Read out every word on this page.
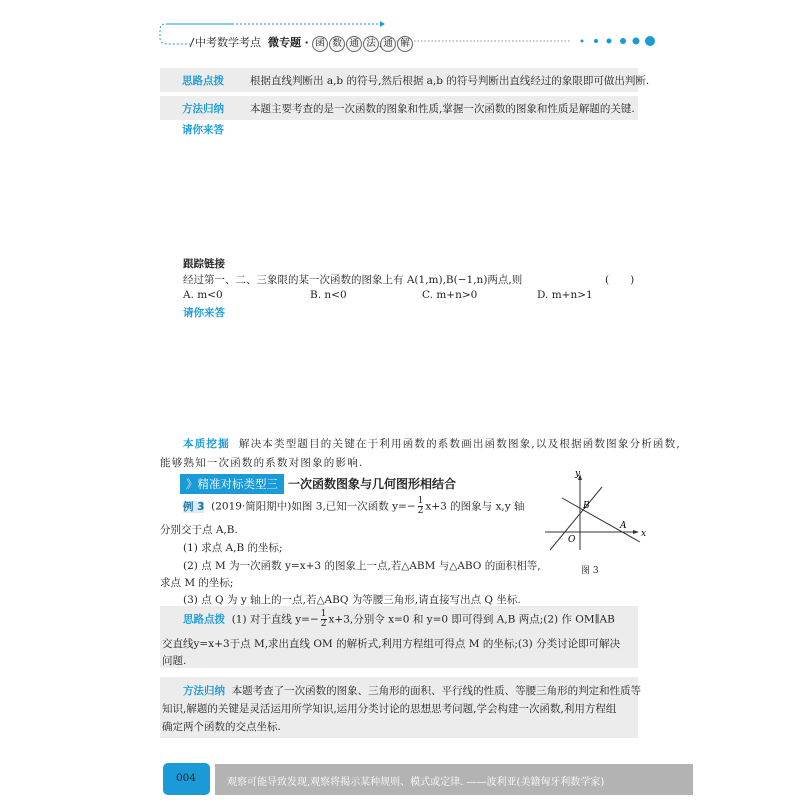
中考数学考点 微专题 · 函 数 通 法 通 解
思路点拨 根据直线判断出 a,b 的符号,然后根据 a,b 的符号判断出直线经过的象限即可做出判断.
方法归纳 本题主要考查的是一次函数的图象和性质,掌握一次函数的图象和性质是解题的关键.
请你来答
跟踪链接
经过第一、二、三象限的某一次函数的图象上有 A(1,m),B(−1,n)两点,则	(　　)
A. m<0	B. n<0	C. m+n>0	D. m+n>1
请你来答
本质挖掘 解决本类型题目的关键在于利用函数的系数画出函数图象,以及根据函数图象分析函数,
能够熟知一次函数的系数对图象的影响.
》精准对标类型三 一次函数图象与几何图形相结合
例 3 (2019·简阳期中)如图 3,已知一次函数 $y=- \frac{1}{2} x+3$ 的图象与 x,y 轴
分别交于点 A,B.
(1) 求点 A,B 的坐标;
(2) 点 M 为一次函数 y=x+3 的图象上一点,若△ABM 与△ABO 的面积相等,
求点 M 的坐标;
(3) 点 Q 为 y 轴上的一点,若△ABQ 为等腰三角形,请直接写出点 Q 坐标.
y
x
B
A
O
图 3
思路点拨 (1) 对于直线 $y=- \frac{1}{2} x+3$,分别令 x=0 和 y=0 即可得到 A,B 两点;(2) 作 OM∥AB
交直线y=x+3于点 M,求出直线 OM 的解析式,利用方程组可得点 M 的坐标;(3) 分类讨论即可解决
问题.
方法归纳 本题考查了一次函数的图象、三角形的面积、平行线的性质、等腰三角形的判定和性质等
知识,解题的关键是灵活运用所学知识,运用分类讨论的思想思考问题,学会构建一次函数,利用方程组
确定两个函数的交点坐标.
观察可能导致发现,观察将揭示某种规则、模式或定律. ——波利亚(美籍匈牙利数学家)
004
